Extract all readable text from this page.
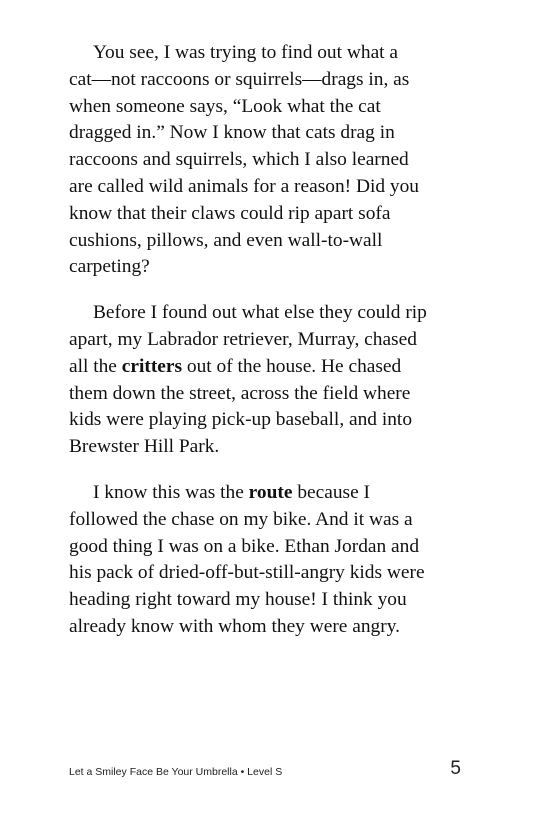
You see, I was trying to find out what a
cat—not raccoons or squirrels—drags in, as
when someone says, “Look what the cat
dragged in.” Now I know that cats drag in
raccoons and squirrels, which I also learned
are called wild animals for a reason! Did you
know that their claws could rip apart sofa
cushions, pillows, and even wall-to-wall
carpeting?

Before I found out what else they could rip
apart, my Labrador retriever, Murray, chased
all the critters out of the house. He chased
them down the street, across the field where
kids were playing pick-up baseball, and into
Brewster Hill Park.

I know this was the route because I
followed the chase on my bike. And it was a
good thing I was on a bike. Ethan Jordan and
his pack of dried-off-but-still-angry kids were
heading right toward my house! I think you
already know with whom they were angry.

Let a Smiley Face Be Your Umbrella • Level S	5
